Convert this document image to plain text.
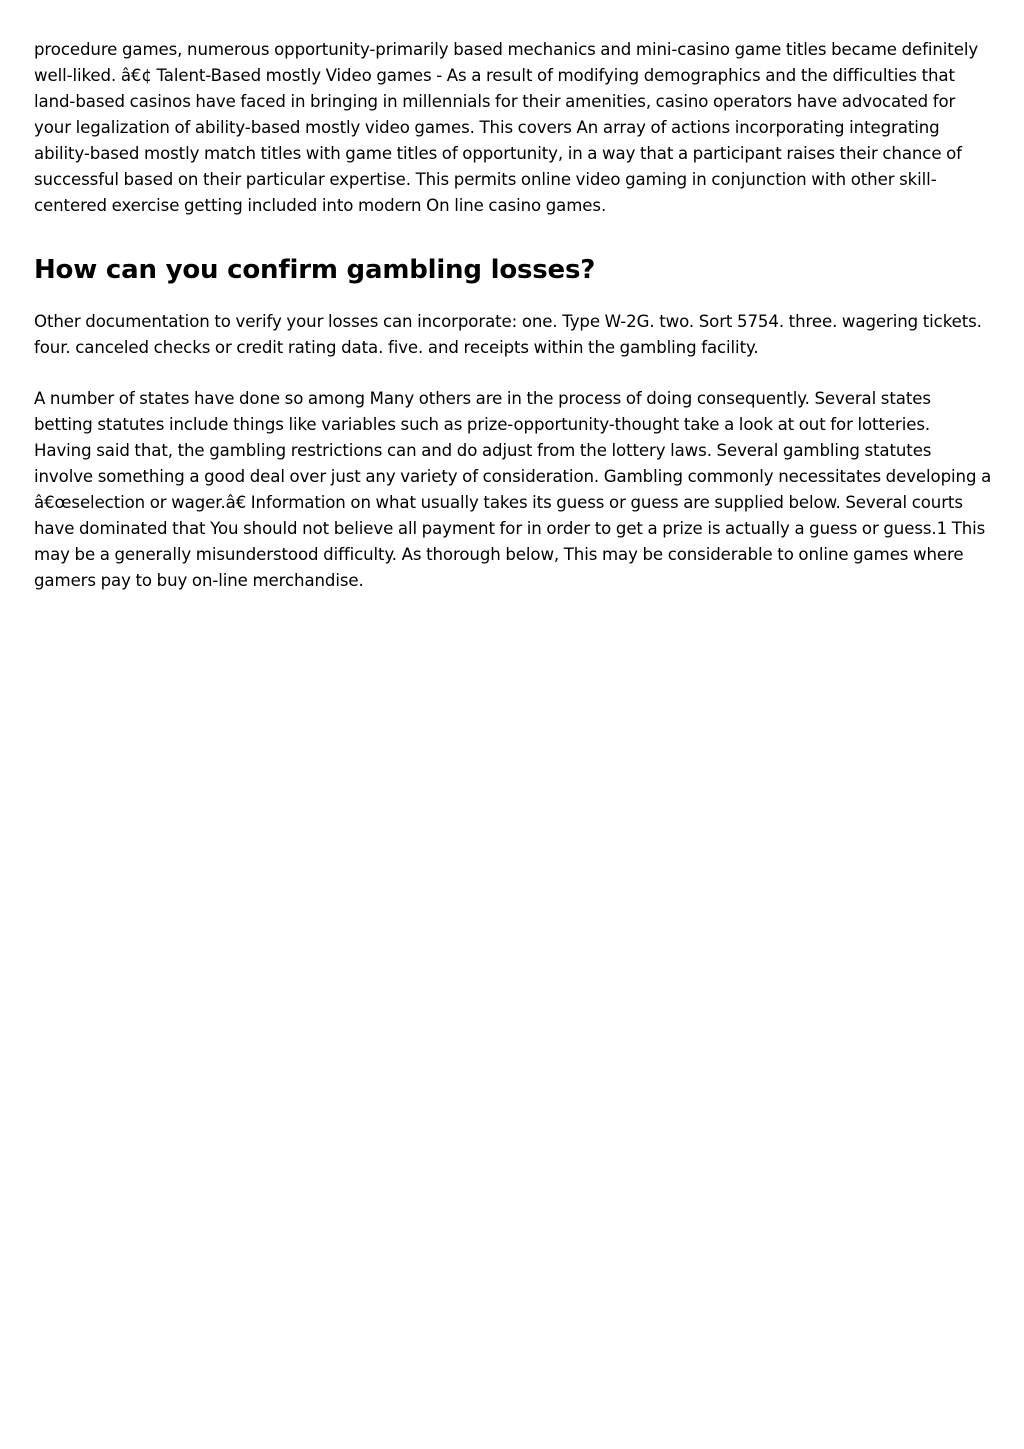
procedure games, numerous opportunity-primarily based mechanics and mini-casino game titles became definitely well-liked. â€¢ Talent-Based mostly Video games - As a result of modifying demographics and the difficulties that land-based casinos have faced in bringing in millennials for their amenities, casino operators have advocated for your legalization of ability-based mostly video games. This covers An array of actions incorporating integrating ability-based mostly match titles with game titles of opportunity, in a way that a participant raises their chance of successful based on their particular expertise. This permits online video gaming in conjunction with other skill-centered exercise getting included into modern On line casino games.

How can you confirm gambling losses?

Other documentation to verify your losses can incorporate: one. Type W-2G. two. Sort 5754. three. wagering tickets. four. canceled checks or credit rating data. five. and receipts within the gambling facility.

A number of states have done so among Many others are in the process of doing consequently. Several states betting statutes include things like variables such as prize-opportunity-thought take a look at out for lotteries. Having said that, the gambling restrictions can and do adjust from the lottery laws. Several gambling statutes involve something a good deal over just any variety of consideration. Gambling commonly necessitates developing a â€œselection or wager.â€ Information on what usually takes its guess or guess are supplied below. Several courts have dominated that You should not believe all payment for in order to get a prize is actually a guess or guess.1 This may be a generally misunderstood difficulty. As thorough below, This may be considerable to online games where gamers pay to buy on-line merchandise.
